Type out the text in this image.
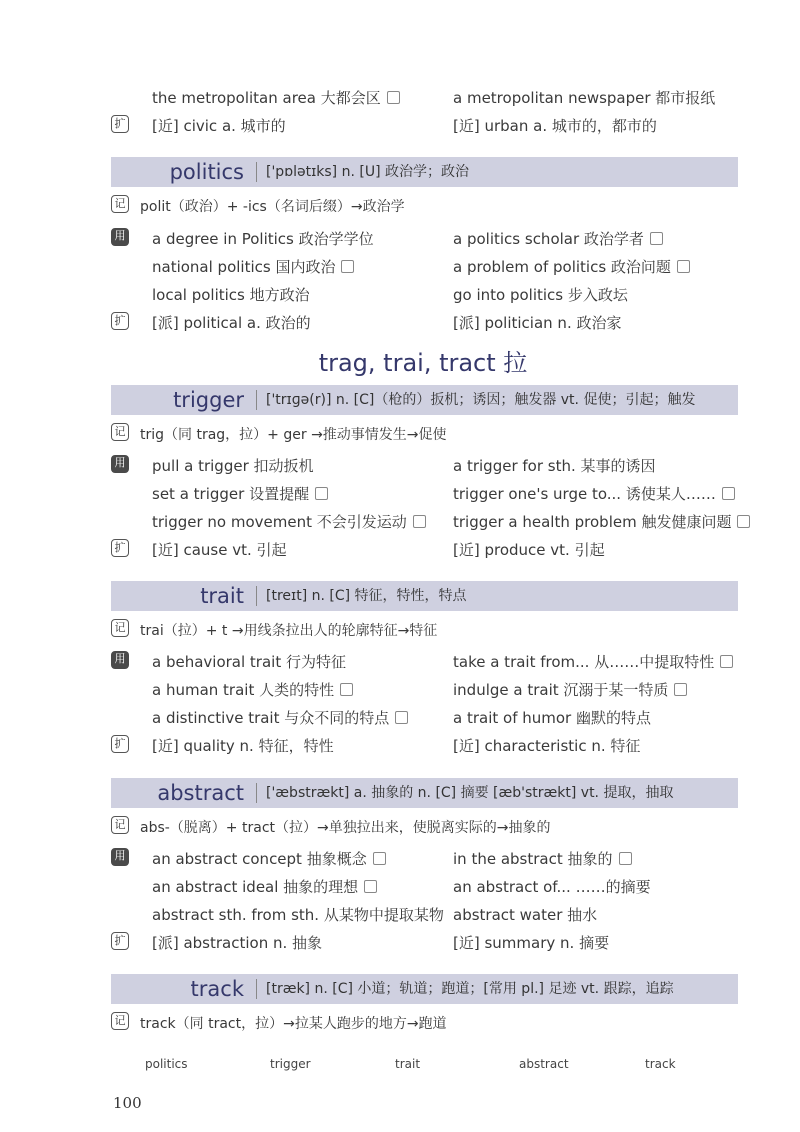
the metropolitan area 大都会区	a metropolitan newspaper 都市报纸
扩 [近] civic a. 城市的	[近] urban a. 城市的，都市的
politics ['pɒlətɪks] n. [U] 政治学；政治
记 polit（政治）+ -ics（名词后缀）→政治学
用 a degree in Politics 政治学学位	a politics scholar 政治学者
national politics 国内政治	a problem of politics 政治问题
local politics 地方政治	go into politics 步入政坛
扩 [派] political a. 政治的	[派] politician n. 政治家
trag, trai, tract 拉
trigger ['trɪɡə(r)] n. [C]（枪的）扳机；诱因；触发器 vt. 促使；引起；触发
记 trig（同 trag，拉）+ ger →推动事情发生→促使
用 pull a trigger 扣动扳机	a trigger for sth. 某事的诱因
set a trigger 设置提醒	trigger one's urge to... 诱使某人……
trigger no movement 不会引发运动	trigger a health problem 触发健康问题
扩 [近] cause vt. 引起	[近] produce vt. 引起
trait [treɪt] n. [C] 特征，特性，特点
记 trai（拉）+ t →用线条拉出人的轮廓特征→特征
用 a behavioral trait 行为特征	take a trait from... 从……中提取特性
a human trait 人类的特性	indulge a trait 沉溺于某一特质
a distinctive trait 与众不同的特点	a trait of humor 幽默的特点
扩 [近] quality n. 特征，特性	[近] characteristic n. 特征
abstract ['æbstrækt] a. 抽象的 n. [C] 摘要 [æb'strækt] vt. 提取，抽取
记 abs-（脱离）+ tract（拉）→单独拉出来，使脱离实际的→抽象的
用 an abstract concept 抽象概念	in the abstract 抽象的
an abstract ideal 抽象的理想	an abstract of... ……的摘要
abstract sth. from sth. 从某物中提取某物 abstract water 抽水
扩 [派] abstraction n. 抽象	[近] summary n. 摘要
track [træk] n. [C] 小道；轨道；跑道；[常用 pl.] 足迹 vt. 跟踪，追踪
记 track（同 tract，拉）→拉某人跑步的地方→跑道
politics	trigger	trait	abstract	track
100
